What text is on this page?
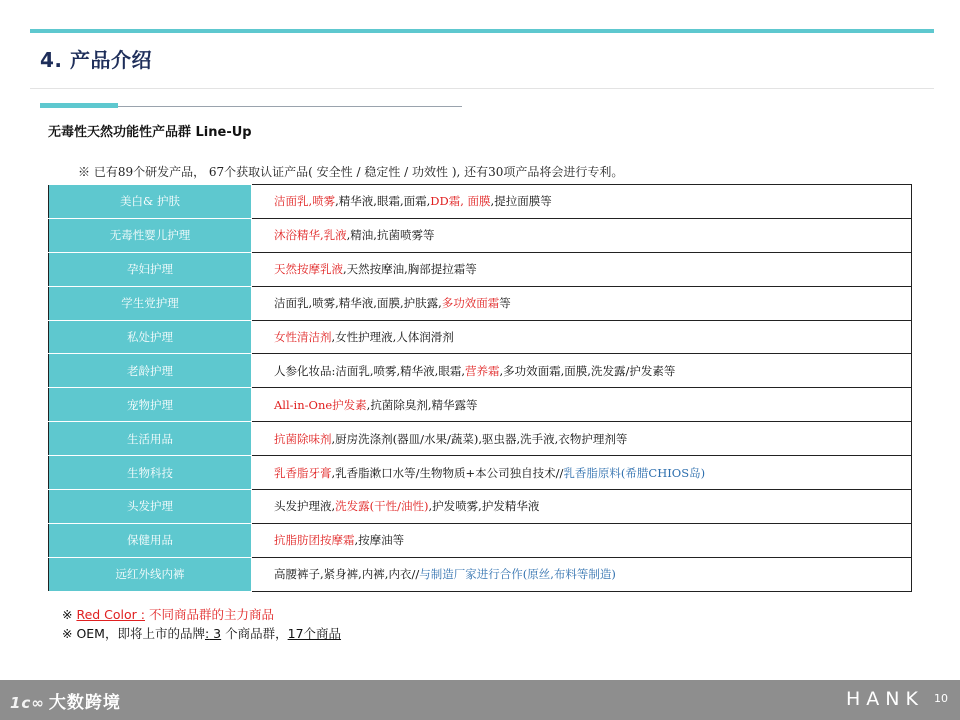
4. 产品介绍
无毒性天然功能性产品群 Line-Up
※ 已有89个研发产品， 67个获取认证产品( 安全性 / 稳定性 / 功效性 ), 还有30项产品将会进行专利。
美白& 护肤	洁面乳,喷雾,精华液,眼霜,面霜,DD霜, 面膜,提拉面膜等
无毒性婴儿护理	沐浴精华,乳液,精油,抗菌喷雾等
孕妇护理	天然按摩乳液,天然按摩油,胸部提拉霜等
学生党护理	洁面乳,喷雾,精华液,面膜,护肤露,多功效面霜等
私处护理	女性清洁剂,女性护理液,人体润滑剂
老龄护理	人参化妆品:洁面乳,喷雾,精华液,眼霜,营养霜,多功效面霜,面膜,洗发露/护发素等
宠物护理	All-in-One护发素,抗菌除臭剂,精华露等
生活用品	抗菌除味剂,厨房洗涤剂(器皿/水果/蔬菜),驱虫器,洗手液,衣物护理剂等
生物科技	乳香脂牙膏,乳香脂漱口水等/生物物质+本公司独自技术//乳香脂原料(希腊CHIOS岛)
头发护理	头发护理液,洗发露(干性/油性),护发喷雾,护发精华液
保健用品	抗脂肪团按摩霜,按摩油等
远红外线内裤	高腰裤子,紧身裤,内裤,内衣//与制造厂家进行合作(原丝,布料等制造)
※ Red Color : 不同商品群的主力商品
※ OEM，即将上市的品牌: 3 个商品群，17个商品
1ᴄ∞ 大数跨境	HANK 10
